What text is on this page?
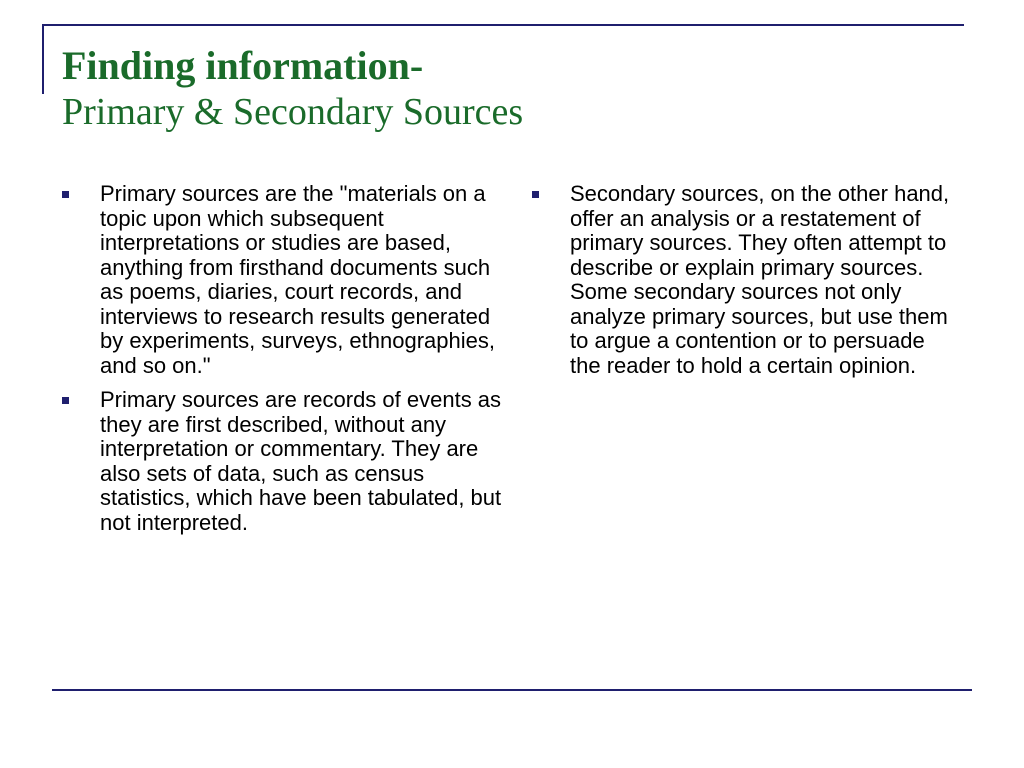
Finding information-
Primary & Secondary Sources
Primary sources are the "materials on a topic upon which subsequent interpretations or studies are based, anything from firsthand documents such as poems, diaries, court records, and interviews to research results generated by experiments, surveys, ethnographies, and so on."
Primary sources are records of events as they are first described, without any interpretation or commentary. They are also sets of data, such as census statistics, which have been tabulated, but not interpreted.
Secondary sources, on the other hand, offer an analysis or a restatement of primary sources. They often attempt to describe or explain primary sources. Some secondary sources not only analyze primary sources, but use them to argue a contention or to persuade the reader to hold a certain opinion.
